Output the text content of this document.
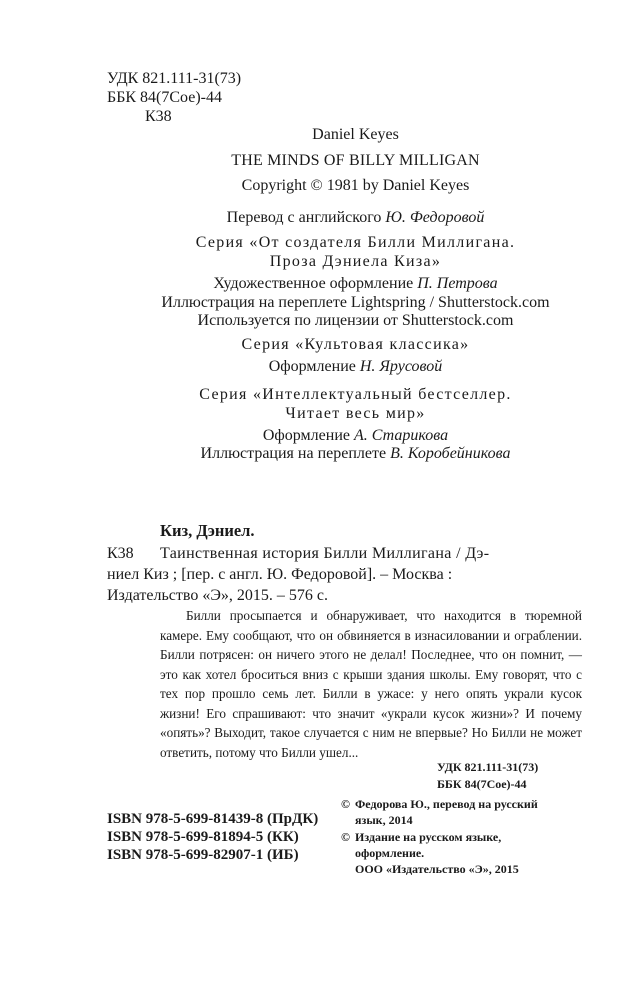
УДК 821.111-31(73)
ББК 84(7Сое)-44
К38
Daniel Keyes
THE MINDS OF BILLY MILLIGAN
Copyright © 1981 by Daniel Keyes
Перевод с английского Ю. Федоровой
Серия «От создателя Билли Миллигана.
Проза Дэниела Киза»
Художественное оформление П. Петрова
Иллюстрация на переплете Lightspring / Shutterstock.com
Используется по лицензии от Shutterstock.com
Серия «Культовая классика»
Оформление Н. Ярусовой
Серия «Интеллектуальный бестселлер.
Читает весь мир»
Оформление А. Старикова
Иллюстрация на переплете В. Коробейникова
Киз, Дэниел.
К38 Таинственная история Билли Миллигана / Дэ-
ниел Киз ; [пер. с англ. Ю. Федоровой]. – Москва :
Издательство «Э», 2015. – 576 с.

Билли просыпается и обнаруживает, что находится в тюремной камере. Ему сообщают, что он обвиняется в изнасиловании и ограблении. Билли потрясен: он ничего этого не делал! Последнее, что он помнит, — это как хотел броситься вниз с крыши здания школы. Ему говорят, что с тех пор прошло семь лет. Билли в ужасе: у него опять украли кусок жизни! Его спрашивают: что значит «украли кусок жизни»? И почему «опять»? Выходит, такое случается с ним не впервые? Но Билли не может ответить, потому что Билли ушел...

УДК 821.111-31(73)
ББК 84(7Сое)-44
ISBN 978-5-699-81439-8 (ПрДК)
ISBN 978-5-699-81894-5 (КК)
ISBN 978-5-699-82907-1 (ИБ)
© Федорова Ю., перевод на русский язык, 2014
© Издание на русском языке, оформление.
ООО «Издательство «Э», 2015
